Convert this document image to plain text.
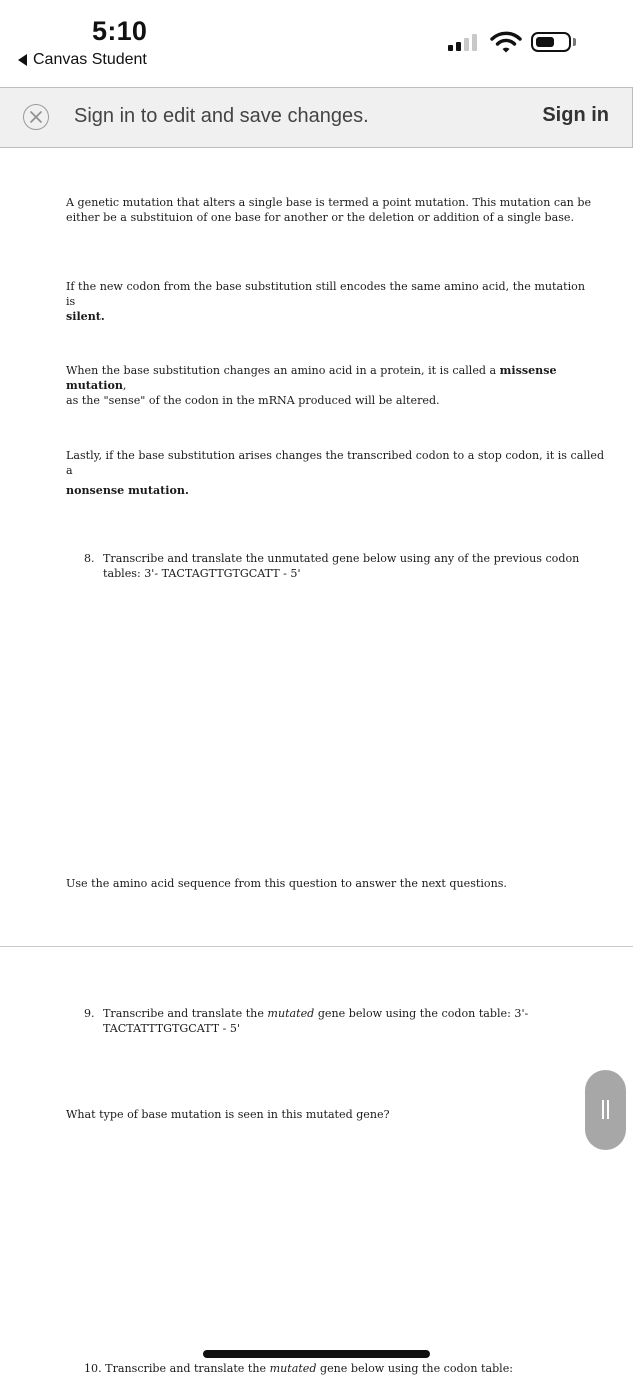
5:10
Canvas Student
Sign in to edit and save changes.	Sign in
A genetic mutation that alters a single base is termed a point mutation. This mutation can be
either be a substituion of one base for another or the deletion or addition of a single base.
If the new codon from the base substitution still encodes the same amino acid, the mutation is
silent.
When the base substitution changes an amino acid in a protein, it is called a missense mutation,
as the "sense" of the codon in the mRNA produced will be altered.
Lastly, if the base substitution arises changes the transcribed codon to a stop codon, it is called a
nonsense mutation.
8. Transcribe and translate the unmutated gene below using any of the previous codon
tables: 3'- TACTAGTTGTGCATT - 5'
Use the amino acid sequence from this question to answer the next questions.
9. Transcribe and translate the mutated gene below using the codon table: 3'-
TACTATTTGTGCATT - 5'
What type of base mutation is seen in this mutated gene?
10. Transcribe and translate the mutated gene below using the codon table:
